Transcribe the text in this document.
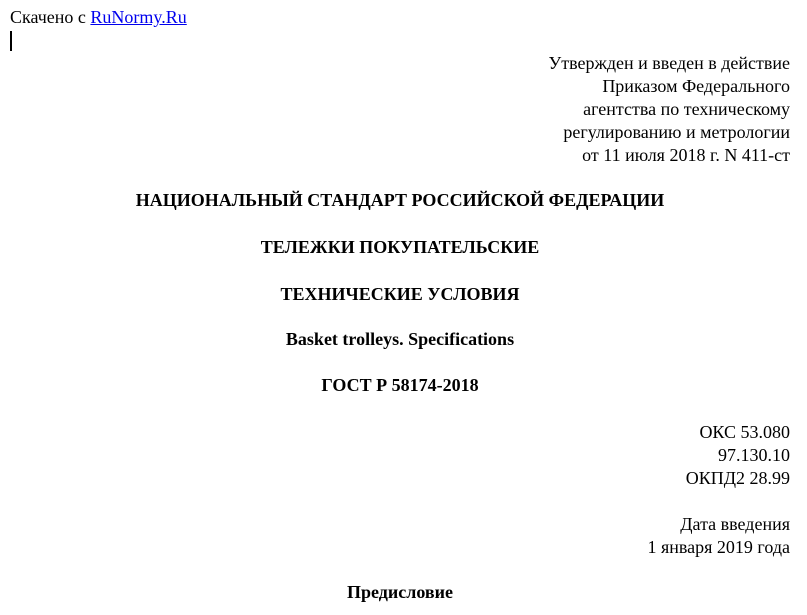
Скачено с RuNormy.Ru
Утвержден и введен в действие
Приказом Федерального
агентства по техническому
регулированию и метрологии
от 11 июля 2018 г. N 411-ст
НАЦИОНАЛЬНЫЙ СТАНДАРТ РОССИЙСКОЙ ФЕДЕРАЦИИ
ТЕЛЕЖКИ ПОКУПАТЕЛЬСКИЕ
ТЕХНИЧЕСКИЕ УСЛОВИЯ
Basket trolleys. Specifications
ГОСТ Р 58174-2018
ОКС 53.080
97.130.10
ОКПД2 28.99
Дата введения
1 января 2019 года
Предисловие
